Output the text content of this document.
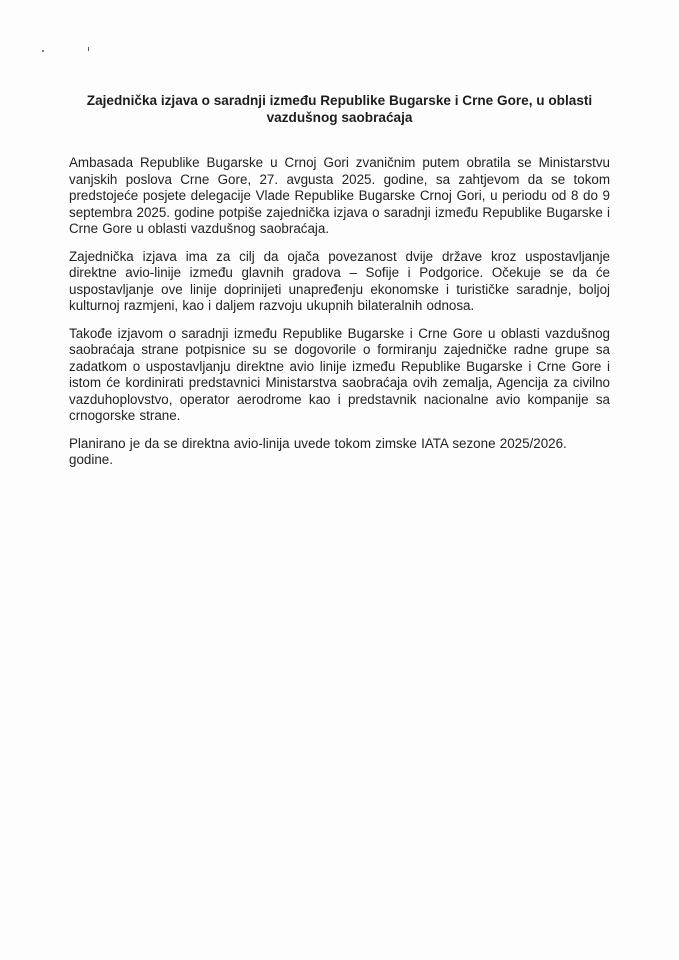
Zajednička izjava o saradnji između Republike Bugarske i Crne Gore, u oblasti vazdušnog saobraćaja

Ambasada Republike Bugarske u Crnoj Gori zvaničnim putem obratila se Ministarstvu vanjskih poslova Crne Gore, 27. avgusta 2025. godine, sa zahtjevom da se tokom predstojeće posjete delegacije Vlade Republike Bugarske Crnoj Gori, u periodu od 8 do 9 septembra 2025. godine potpiše zajednička izjava o saradnji između Republike Bugarske i Crne Gore u oblasti vazdušnog saobraćaja.

Zajednička izjava ima za cilj da ojača povezanost dvije države kroz uspostavljanje direktne avio-linije između glavnih gradova – Sofije i Podgorice. Očekuje se da će uspostavljanje ove linije doprinijeti unapređenju ekonomske i turističke saradnje, boljoj kulturnoj razmjeni, kao i daljem razvoju ukupnih bilateralnih odnosa.

Takođe izjavom o saradnji između Republike Bugarske i Crne Gore u oblasti vazdušnog saobraćaja strane potpisnice su se dogovorile o formiranju zajedničke radne grupe sa zadatkom o uspostavljanju direktne avio linije između Republike Bugarske i Crne Gore i istom će kordinirati predstavnici Ministarstva saobraćaja ovih zemalja, Agencija za civilno vazduhoplovstvo, operator aerodrome kao i predstavnik nacionalne avio kompanije sa crnogorske strane.

Planirano je da se direktna avio-linija uvede tokom zimske IATA sezone 2025/2026. godine.
